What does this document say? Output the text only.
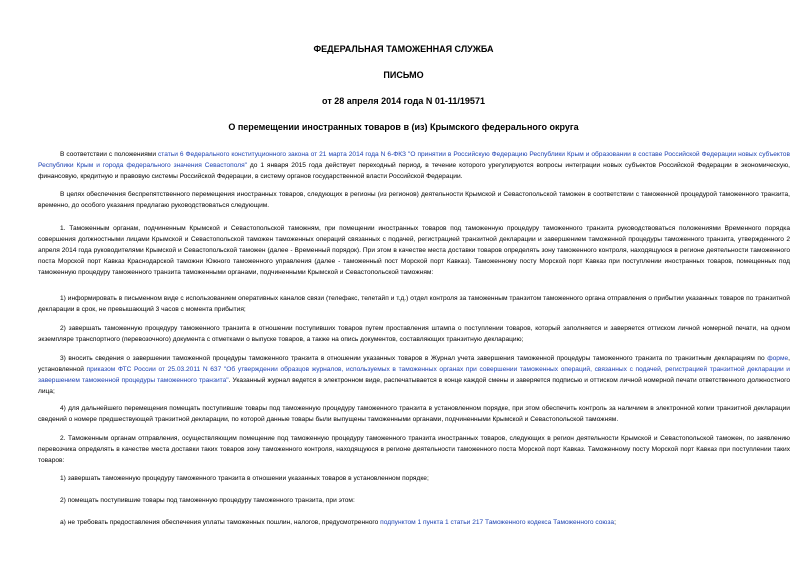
ФЕДЕРАЛЬНАЯ ТАМОЖЕННАЯ СЛУЖБА
ПИСЬМО
от 28 апреля 2014 года N 01-11/19571
О перемещении иностранных товаров в (из) Крымского федерального округа

В соответствии с положениями статьи 6 Федерального конституционного закона от 21 марта 2014 года N 6-ФКЗ "О принятии в Российскую Федерацию Республики Крым и образовании в составе Российской Федерации новых субъектов Республики Крым и города федерального значения Севастополя" до 1 января 2015 года действует переходный период, в течение которого урегулируются вопросы интеграции новых субъектов Российской Федерации в экономическую, финансовую, кредитную и правовую системы Российской Федерации, в систему органов государственной власти Российской Федерации.

В целях обеспечения беспрепятственного перемещения иностранных товаров, следующих в регионы (из регионов) деятельности Крымской и Севастопольской таможен в соответствии с таможенной процедурой таможенного транзита, временно, до особого указания предлагаю руководствоваться следующим.

1. Таможенным органам, подчиненным Крымской и Севастопольской таможням, при помещении иностранных товаров под таможенную процедуру таможенного транзита руководствоваться положениями Временного порядка совершения должностными лицами Крымской и Севастопольской таможен таможенных операций связанных с подачей, регистрацией транзитной декларации и завершением таможенной процедуры таможенного транзита, утвержденного 2 апреля 2014 года руководителями Крымской и Севастопольской таможен (далее - Временный порядок). При этом в качестве места доставки товаров определять зону таможенного контроля, находящуюся в регионе деятельности таможенного поста Морской порт Кавказ Краснодарской таможни Южного таможенного управления (далее - таможенный пост Морской порт Кавказ). Таможенному посту Морской порт Кавказ при поступлении иностранных товаров, помещенных под таможенную процедуру таможенного транзита таможенными органами, подчиненными Крымской и Севастопольской таможням:

1) информировать в письменном виде с использованием оперативных каналов связи (телефакс, телетайп и т.д.) отдел контроля за таможенным транзитом таможенного органа отправления о прибытии указанных товаров по транзитной декларации в срок, не превышающий 3 часов с момента прибытия;

2) завершать таможенную процедуру таможенного транзита в отношении поступивших товаров путем проставления штампа о поступлении товаров, который заполняется и заверяется оттиском личной номерной печати, на одном экземпляре транспортного (перевозочного) документа с отметками о выпуске товаров, а также на опись документов, составляющих транзитную декларацию;

3) вносить сведения о завершении таможенной процедуры таможенного транзита в отношении указанных товаров в Журнал учета завершения таможенной процедуры таможенного транзита по транзитным декларациям по форме, установленной приказом ФТС России от 25.03.2011 N 637 "Об утверждении образцов журналов, используемых в таможенных органах при совершении таможенных операций, связанных с подачей, регистрацией транзитной декларации и завершением таможенной процедуры таможенного транзита". Указанный журнал ведется в электронном виде, распечатывается в конце каждой смены и заверяется подписью и оттиском личной номерной печати ответственного должностного лица;

4) для дальнейшего перемещения помещать поступившие товары под таможенную процедуру таможенного транзита в установленном порядке, при этом обеспечить контроль за наличием в электронной копии транзитной декларации сведений о номере предшествующей транзитной декларации, по которой данные товары были выпущены таможенными органами, подчиненными Крымской и Севастопольской таможням.

2. Таможенным органам отправления, осуществляющим помещение под таможенную процедуру таможенного транзита иностранных товаров, следующих в регион деятельности Крымской и Севастопольской таможен, по заявлению перевозчика определять в качестве места доставки таких товаров зону таможенного контроля, находящуюся в регионе деятельности таможенного поста Морской порт Кавказ. Таможенному посту Морской порт Кавказ при поступлении таких товаров:

1) завершать таможенную процедуру таможенного транзита в отношении указанных товаров в установленном порядке;

2) помещать поступившие товары под таможенную процедуру таможенного транзита, при этом:

а) не требовать предоставления обеспечения уплаты таможенных пошлин, налогов, предусмотренного подпунктом 1 пункта 1 статьи 217 Таможенного кодекса Таможенного союза;
